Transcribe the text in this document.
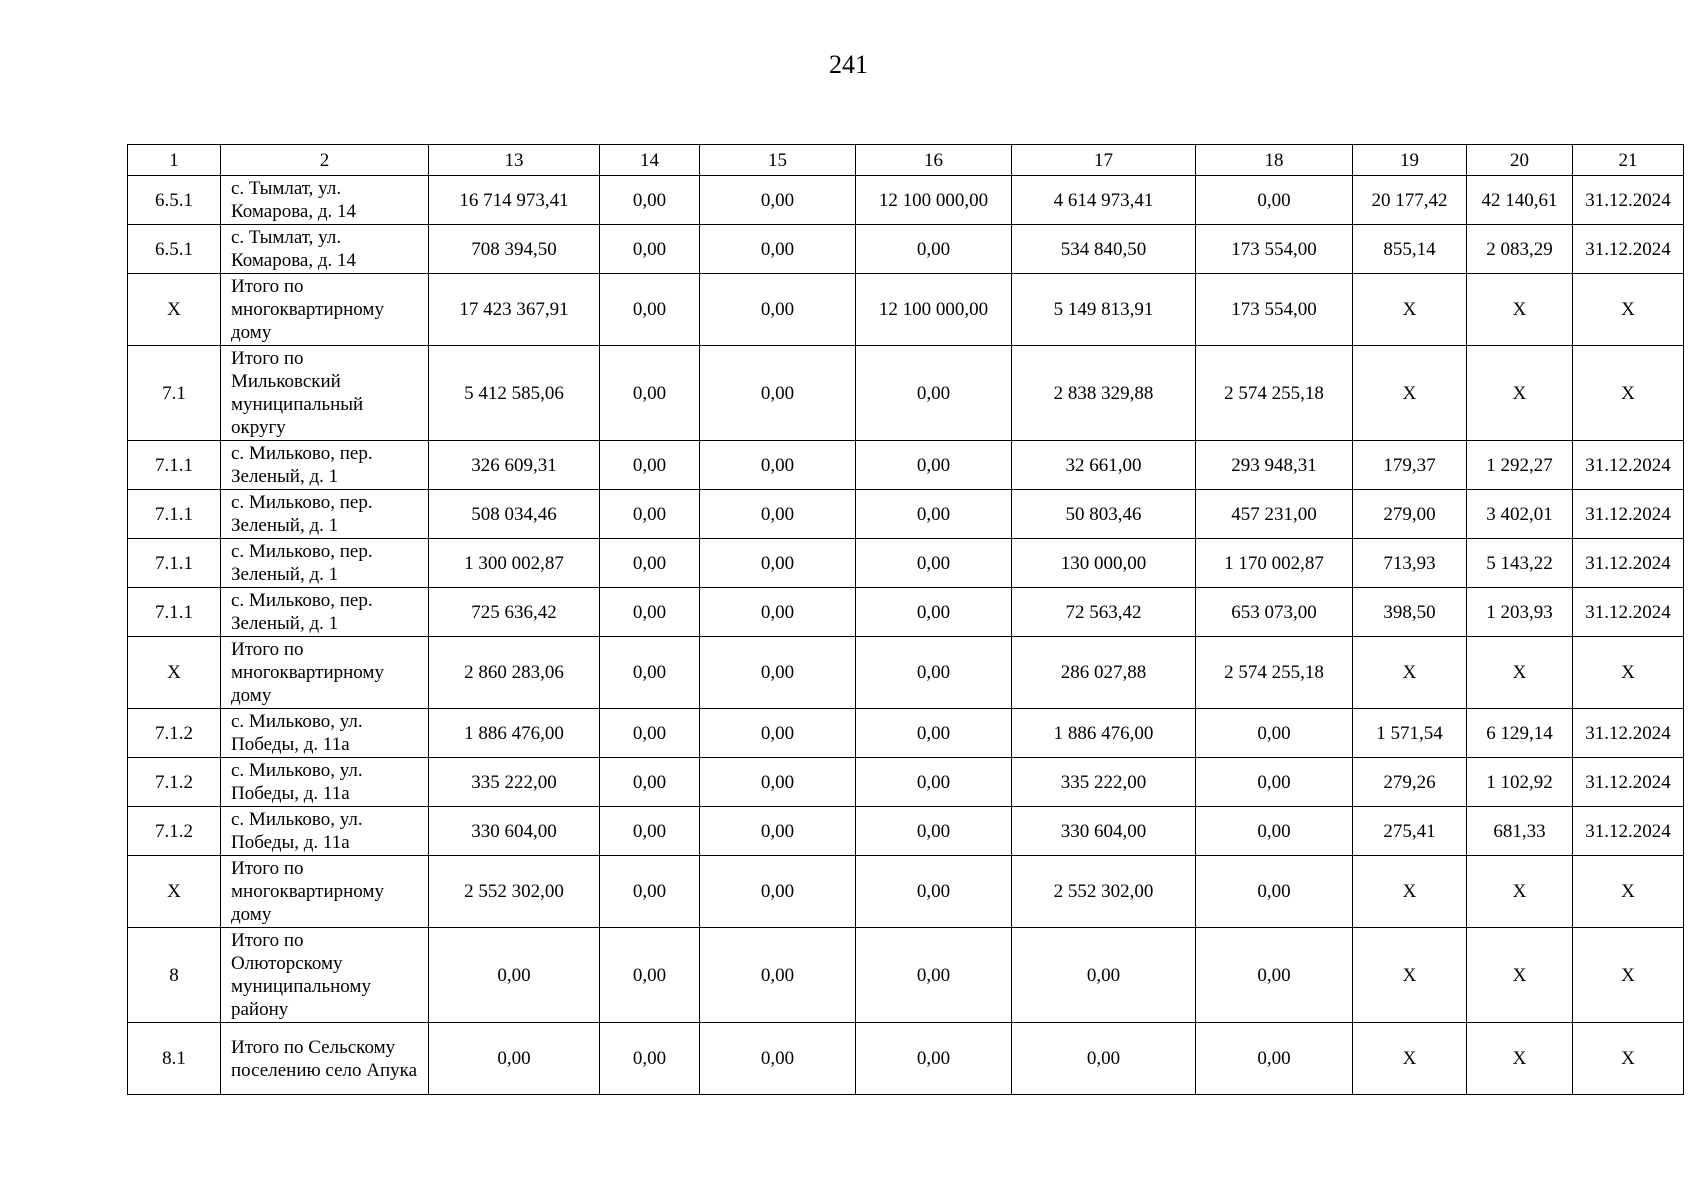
241
1	2	13	14	15	16	17	18	19	20	21
6.5.1	с. Тымлат, ул. Комарова, д. 14	16 714 973,41	0,00	0,00	12 100 000,00	4 614 973,41	0,00	20 177,42	42 140,61	31.12.2024
6.5.1	с. Тымлат, ул. Комарова, д. 14	708 394,50	0,00	0,00	0,00	534 840,50	173 554,00	855,14	2 083,29	31.12.2024
X	Итого по многоквартирному дому	17 423 367,91	0,00	0,00	12 100 000,00	5 149 813,91	173 554,00	X	X	X
7.1	Итого по Мильковский муниципальный округу	5 412 585,06	0,00	0,00	0,00	2 838 329,88	2 574 255,18	X	X	X
7.1.1	с. Мильково, пер. Зеленый, д. 1	326 609,31	0,00	0,00	0,00	32 661,00	293 948,31	179,37	1 292,27	31.12.2024
7.1.1	с. Мильково, пер. Зеленый, д. 1	508 034,46	0,00	0,00	0,00	50 803,46	457 231,00	279,00	3 402,01	31.12.2024
7.1.1	с. Мильково, пер. Зеленый, д. 1	1 300 002,87	0,00	0,00	0,00	130 000,00	1 170 002,87	713,93	5 143,22	31.12.2024
7.1.1	с. Мильково, пер. Зеленый, д. 1	725 636,42	0,00	0,00	0,00	72 563,42	653 073,00	398,50	1 203,93	31.12.2024
X	Итого по многоквартирному дому	2 860 283,06	0,00	0,00	0,00	286 027,88	2 574 255,18	X	X	X
7.1.2	с. Мильково, ул. Победы, д. 11а	1 886 476,00	0,00	0,00	0,00	1 886 476,00	0,00	1 571,54	6 129,14	31.12.2024
7.1.2	с. Мильково, ул. Победы, д. 11а	335 222,00	0,00	0,00	0,00	335 222,00	0,00	279,26	1 102,92	31.12.2024
7.1.2	с. Мильково, ул. Победы, д. 11а	330 604,00	0,00	0,00	0,00	330 604,00	0,00	275,41	681,33	31.12.2024
X	Итого по многоквартирному дому	2 552 302,00	0,00	0,00	0,00	2 552 302,00	0,00	X	X	X
8	Итого по Олюторскому муниципальному району	0,00	0,00	0,00	0,00	0,00	0,00	X	X	X
8.1	Итого по Сельскому поселению село Апука	0,00	0,00	0,00	0,00	0,00	0,00	X	X	X
